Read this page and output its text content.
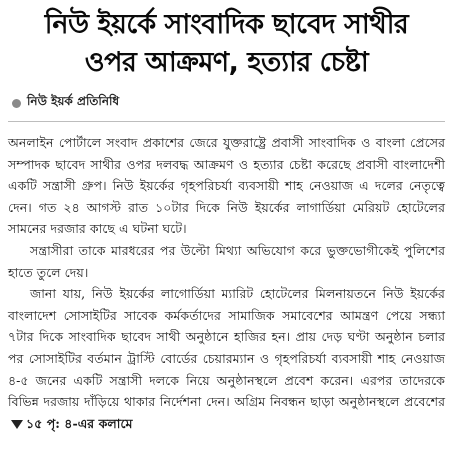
নিউ ইয়র্কে সাংবাদিক ছাবেদ সাথীর
ওপর আক্রমণ, হত্যার চেষ্টা
নিউ ইয়র্ক প্রতিনিধি

অনলাইন পোর্টালে সংবাদ প্রকাশের জেরে যুক্তরাষ্ট্রে প্রবাসী সাংবাদিক ও বাংলা প্রেসের সম্পাদক ছাবেদ সাথীর ওপর দলবদ্ধ আক্রমণ ও হত্যার চেষ্টা করেছে প্রবাসী বাংলাদেশী একটি সন্ত্রাসী গ্রুপ। নিউ ইয়র্কের গৃহপরিচর্যা ব্যবসায়ী শাহ নেওয়াজ এ দলের নেতৃত্বে দেন। গত ২৪ আগস্ট রাত ১০টার দিকে নিউ ইয়র্কের লাগার্ডিয়া মেরিয়ট হোটেলের সামনের দরজার কাছে এ ঘটনা ঘটে।

সন্ত্রাসীরা তাকে মারধরের পর উল্টো মিথ্যা অভিযোগ করে ভুক্তভোগীকেই পুলিশের হাতে তুলে দেয়।

জানা যায়, নিউ ইয়র্কের লাগোর্ডিয়া ম্যারিট হোটেলের মিলনায়তনে নিউ ইয়র্কের বাংলাদেশ সোসাইটির সাবেক কর্মকর্তাদের সামাজিক সমাবেশের আমন্ত্রণ পেয়ে সন্ধ্যা ৭টার দিকে সাংবাদিক ছাবেদ সাথী অনুষ্ঠানে হাজির হন। প্রায় দেড় ঘণ্টা অনুষ্ঠান চলার পর সোসাইটির বর্তমান ট্রাস্টি বোর্ডের চেয়ারম্যান ও গৃহপরিচর্যা ব্যবসায়ী শাহ নেওয়াজ ৪-৫ জনের একটি সন্ত্রাসী দলকে নিয়ে অনুষ্ঠানস্থলে প্রবেশ করেন। এরপর তাদেরকে বিভিন্ন দরজায় দাঁড়িয়ে থাকার নির্দেশনা দেন। অগ্রিম নিবন্ধন ছাড়া অনুষ্ঠানস্থলে প্রবেশের১৫ পৃ: ৪-এর কলামে
